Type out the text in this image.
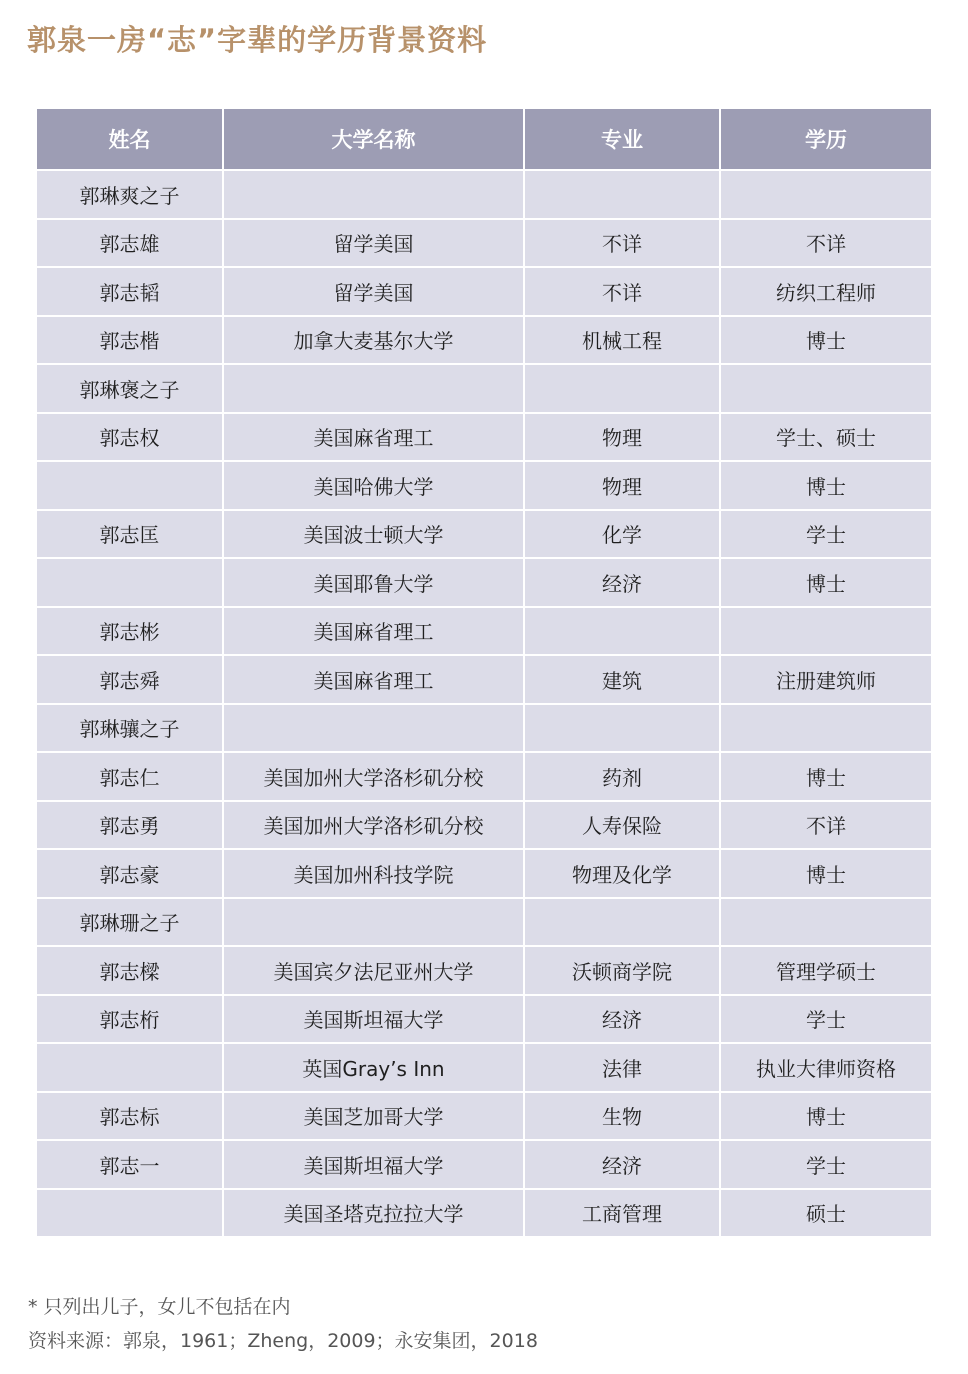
郭泉一房“志”字辈的学历背景资料
姓名	大学名称	专业	学历
郭琳爽之子			
郭志雄	留学美国	不详	不详
郭志韬	留学美国	不详	纺织工程师
郭志楷	加拿大麦基尔大学	机械工程	博士
郭琳褒之子			
郭志权	美国麻省理工	物理	学士、硕士
	美国哈佛大学	物理	博士
郭志匡	美国波士顿大学	化学	学士
	美国耶鲁大学	经济	博士
郭志彬	美国麻省理工		
郭志舜	美国麻省理工	建筑	注册建筑师
郭琳骧之子			
郭志仁	美国加州大学洛杉矶分校	药剂	博士
郭志勇	美国加州大学洛杉矶分校	人寿保险	不详
郭志豪	美国加州科技学院	物理及化学	博士
郭琳珊之子			
郭志樑	美国宾夕法尼亚州大学	沃顿商学院	管理学硕士
郭志桁	美国斯坦福大学	经济	学士
	英国Gray’s Inn	法律	执业大律师资格
郭志标	美国芝加哥大学	生物	博士
郭志一	美国斯坦福大学	经济	学士
	美国圣塔克拉拉大学	工商管理	硕士
* 只列出儿子，女儿不包括在内
资料来源：郭泉，1961；Zheng，2009；永安集团，2018
